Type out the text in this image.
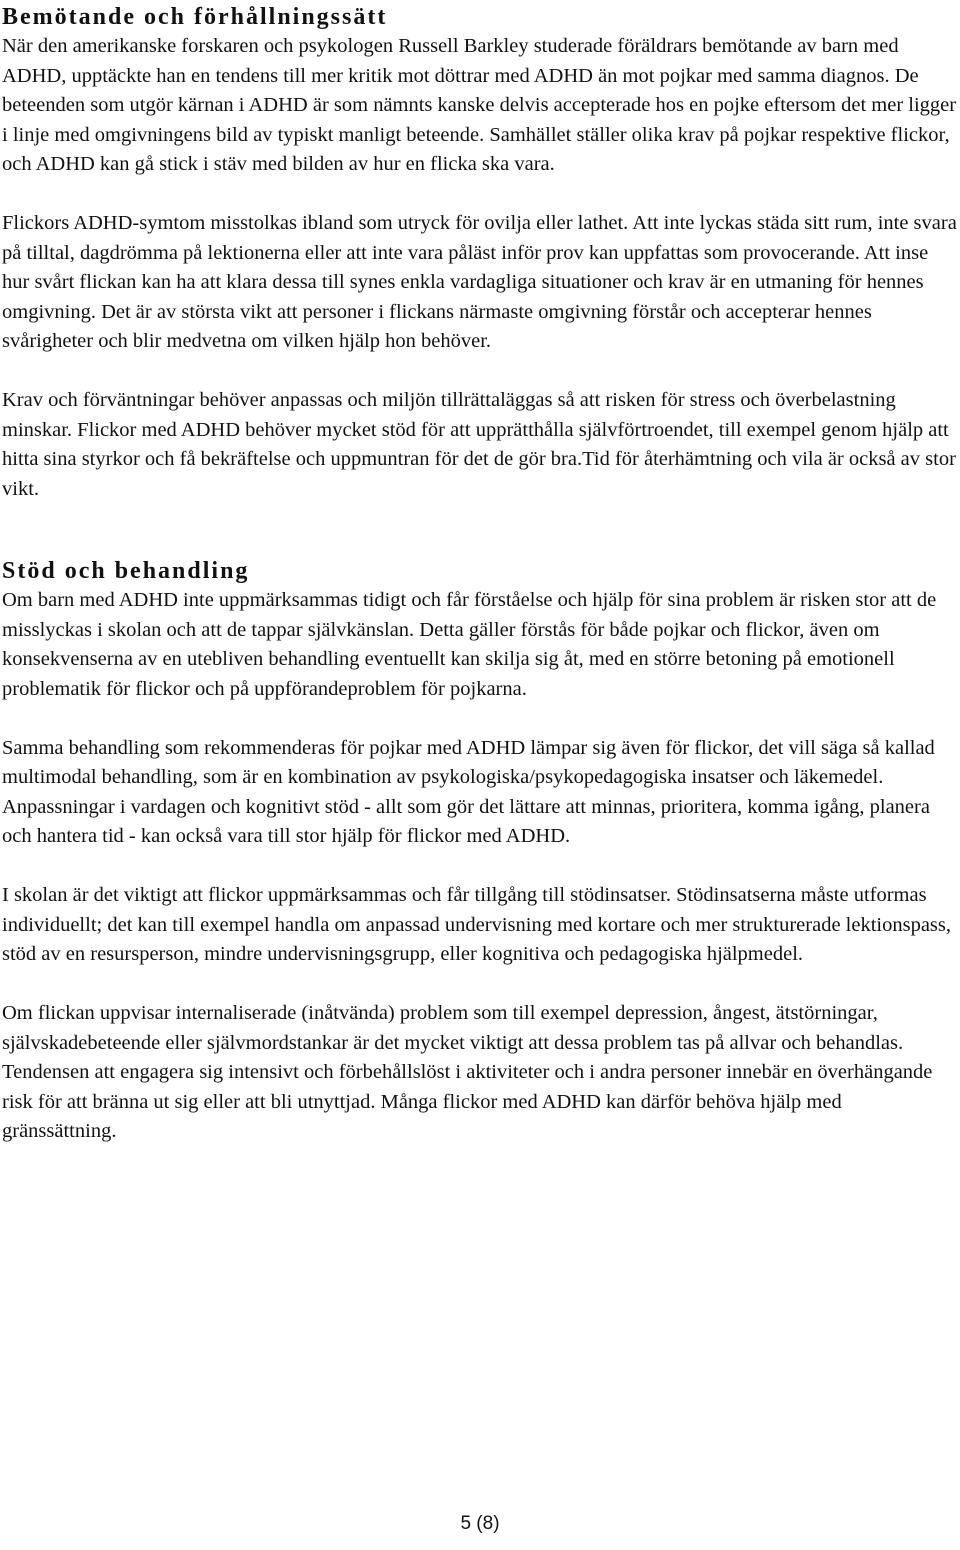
Bemötande och förhållningssätt

När den amerikanske forskaren och psykologen Russell Barkley studerade föräldrars bemötande av barn med ADHD, upptäckte han en tendens till mer kritik mot döttrar med ADHD än mot pojkar med samma diagnos. De beteenden som utgör kärnan i ADHD är som nämnts kanske delvis accepterade hos en pojke eftersom det mer ligger i linje med omgivningens bild av typiskt manligt beteende. Samhället ställer olika krav på pojkar respektive flickor, och ADHD kan gå stick i stäv med bilden av hur en flicka ska vara.

Flickors ADHD-symtom misstolkas ibland som utryck för ovilja eller lathet. Att inte lyckas städa sitt rum, inte svara på tilltal, dagdrömma på lektionerna eller att inte vara påläst inför prov kan uppfattas som provocerande. Att inse hur svårt flickan kan ha att klara dessa till synes enkla vardagliga situationer och krav är en utmaning för hennes omgivning. Det är av största vikt att personer i flickans närmaste omgivning förstår och accepterar hennes svårigheter och blir medvetna om vilken hjälp hon behöver.

Krav och förväntningar behöver anpassas och miljön tillrättaläggas så att risken för stress och överbelastning minskar. Flickor med ADHD behöver mycket stöd för att upprätthålla självförtroendet, till exempel genom hjälp att hitta sina styrkor och få bekräftelse och uppmuntran för det de gör bra.Tid för återhämtning och vila är också av stor vikt.

Stöd och behandling

Om barn med ADHD inte uppmärksammas tidigt och får förståelse och hjälp för sina problem är risken stor att de misslyckas i skolan och att de tappar självkänslan. Detta gäller förstås för både pojkar och flickor, även om konsekvenserna av en utebliven behandling eventuellt kan skilja sig åt, med en större betoning på emotionell problematik för flickor och på uppförandeproblem för pojkarna.

Samma behandling som rekommenderas för pojkar med ADHD lämpar sig även för flickor, det vill säga så kallad multimodal behandling, som är en kombination av psykologiska/psykopedagogiska insatser och läkemedel. Anpassningar i vardagen och kognitivt stöd - allt som gör det lättare att minnas, prioritera, komma igång, planera och hantera tid - kan också vara till stor hjälp för flickor med ADHD.

I skolan är det viktigt att flickor uppmärksammas och får tillgång till stödinsatser. Stödinsatserna måste utformas individuellt; det kan till exempel handla om anpassad undervisning med kortare och mer strukturerade lektionspass, stöd av en resursperson, mindre undervisningsgrupp, eller kognitiva och pedagogiska hjälpmedel.

Om flickan uppvisar internaliserade (inåtvända) problem som till exempel depression, ångest, ätstörningar, självskadebeteende eller självmordstankar är det mycket viktigt att dessa problem tas på allvar och behandlas. Tendensen att engagera sig intensivt och förbehållslöst i aktiviteter och i andra personer innebär en överhängande risk för att bränna ut sig eller att bli utnyttjad. Många flickor med ADHD kan därför behöva hjälp med gränssättning.

5 (8)
